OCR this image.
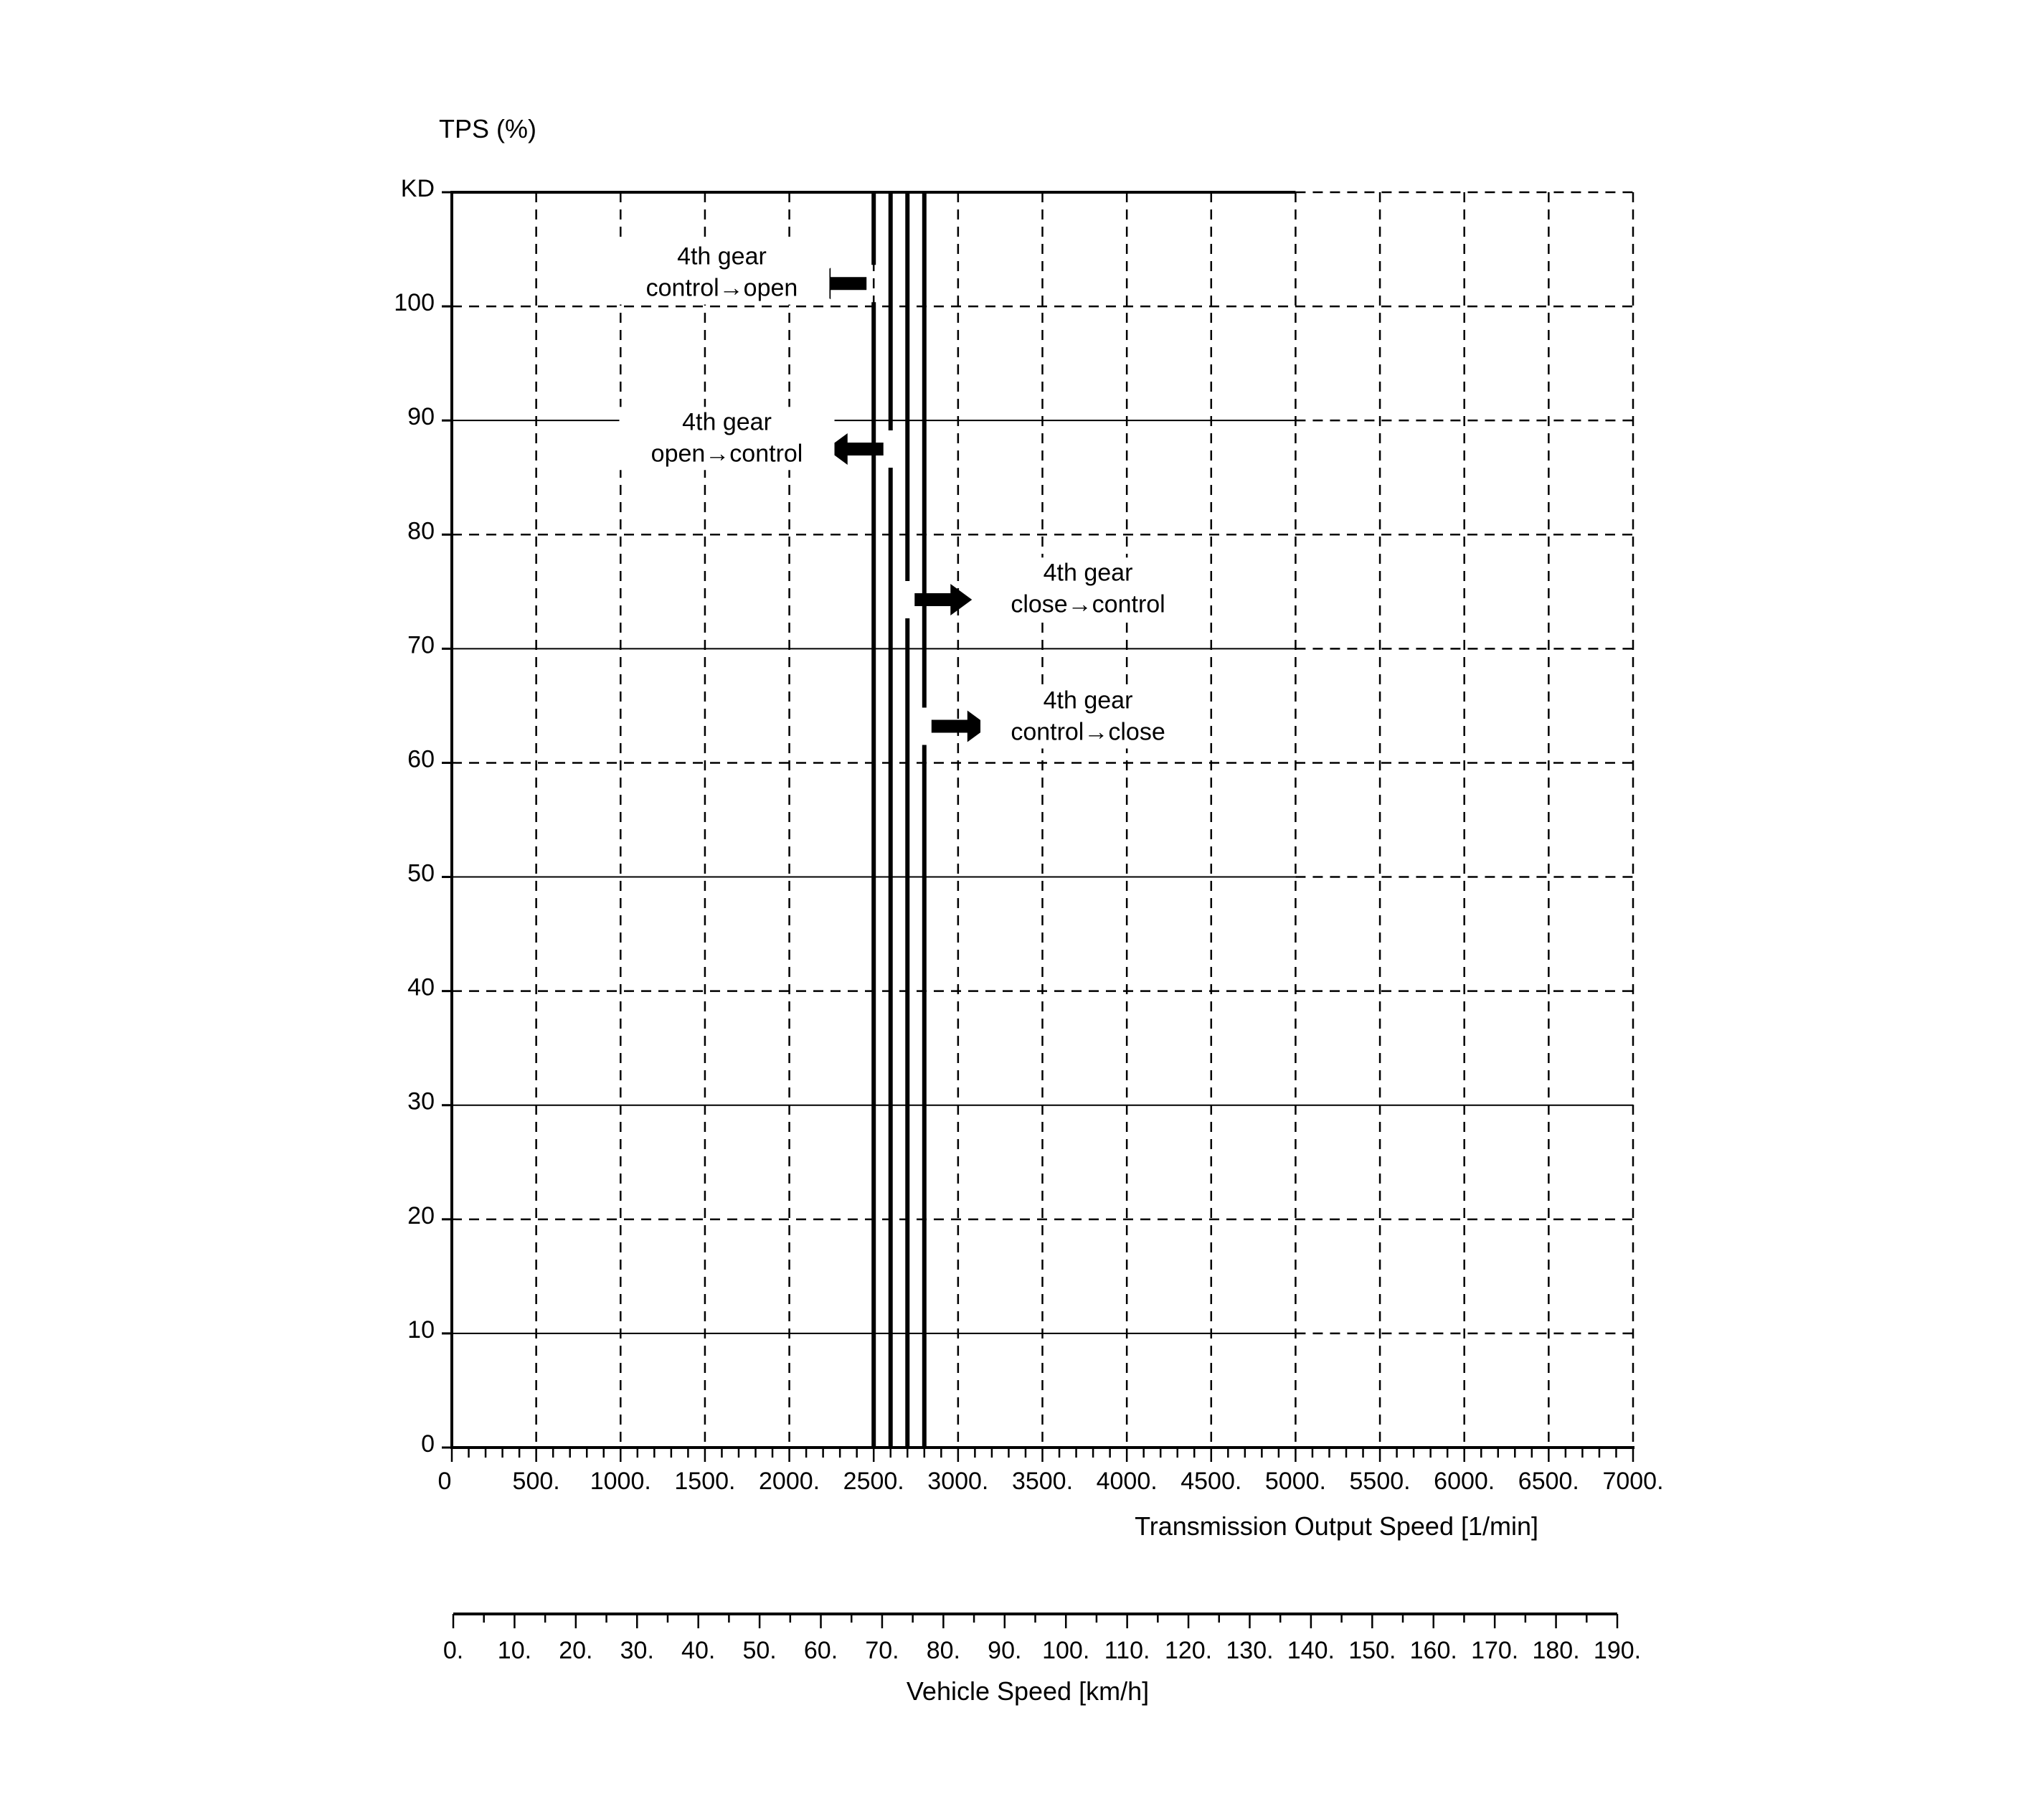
0
10
20
30
40
50
60
70
80
90
100
KD
0	500. 1000. 1500. 2000. 2500. 3000. 3500. 4000. 4500. 5000. 5500. 6000. 6500. 7000.
0. 10. 20. 30. 40. 50. 60. 70. 80. 90. 100. 110. 120. 130. 140. 150. 160. 170. 180. 190.
TPS (%)
Transmission Output Speed [1/min]
Vehicle Speed [km/h]
4th gear
control→open
4th gear
open→control
4th gear
close→control
4th gear
control→close
